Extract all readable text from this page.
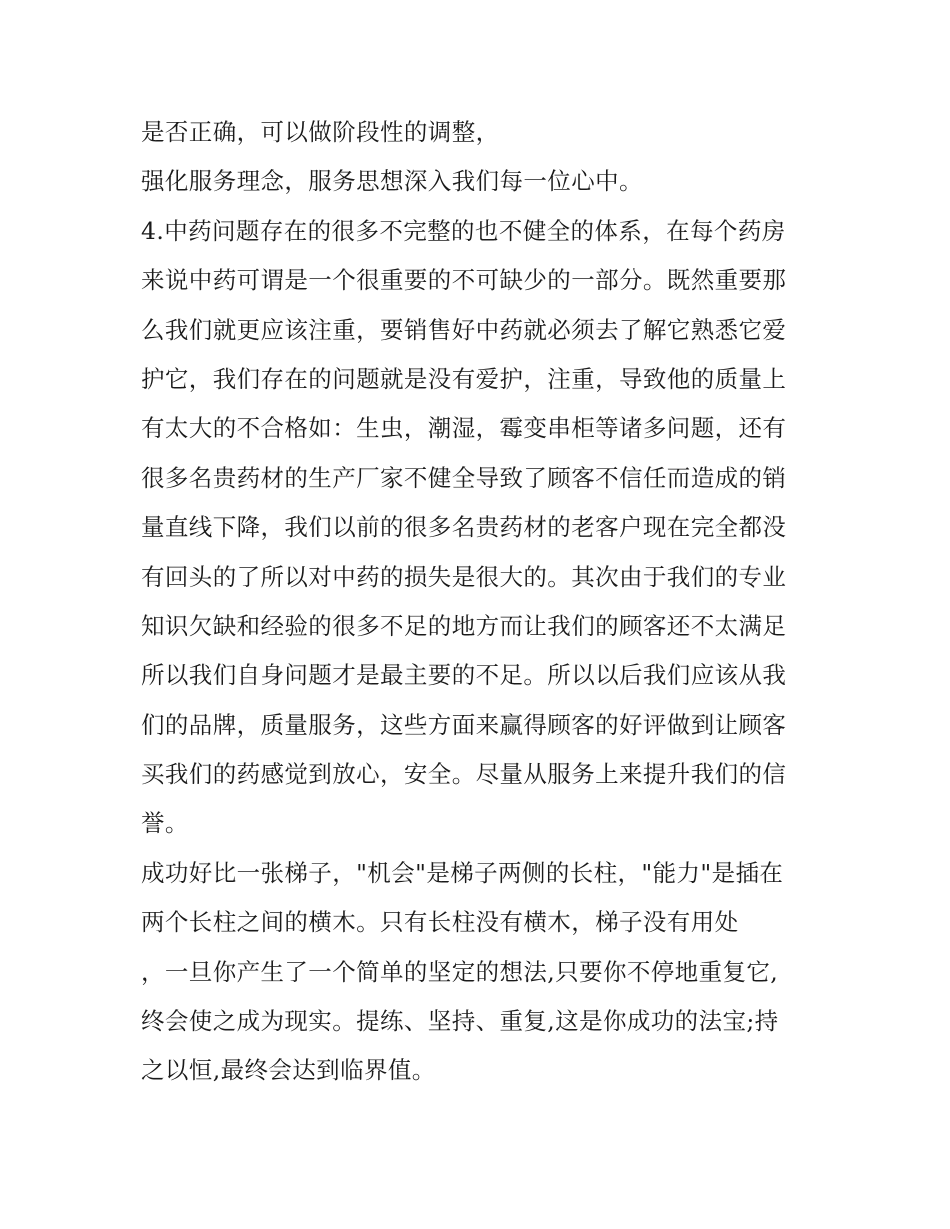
是否正确，可以做阶段性的调整，
强化服务理念，服务思想深入我们每一位心中。
4.中药问题存在的很多不完整的也不健全的体系，在每个药房
来说中药可谓是一个很重要的不可缺少的一部分。既然重要那
么我们就更应该注重，要销售好中药就必须去了解它熟悉它爱
护它，我们存在的问题就是没有爱护，注重，导致他的质量上
有太大的不合格如：生虫，潮湿，霉变串柜等诸多问题，还有
很多名贵药材的生产厂家不健全导致了顾客不信任而造成的销
量直线下降，我们以前的很多名贵药材的老客户现在完全都没
有回头的了所以对中药的损失是很大的。其次由于我们的专业
知识欠缺和经验的很多不足的地方而让我们的顾客还不太满足
所以我们自身问题才是最主要的不足。所以以后我们应该从我
们的品牌，质量服务，这些方面来赢得顾客的好评做到让顾客
买我们的药感觉到放心，安全。尽量从服务上来提升我们的信
誉。
成功好比一张梯子，"机会"是梯子两侧的长柱，"能力"是插在
两个长柱之间的横木。只有长柱没有横木，梯子没有用处
，一旦你产生了一个简单的坚定的想法,只要你不停地重复它,
终会使之成为现实。提练、坚持、重复,这是你成功的法宝;持
之以恒,最终会达到临界值。
